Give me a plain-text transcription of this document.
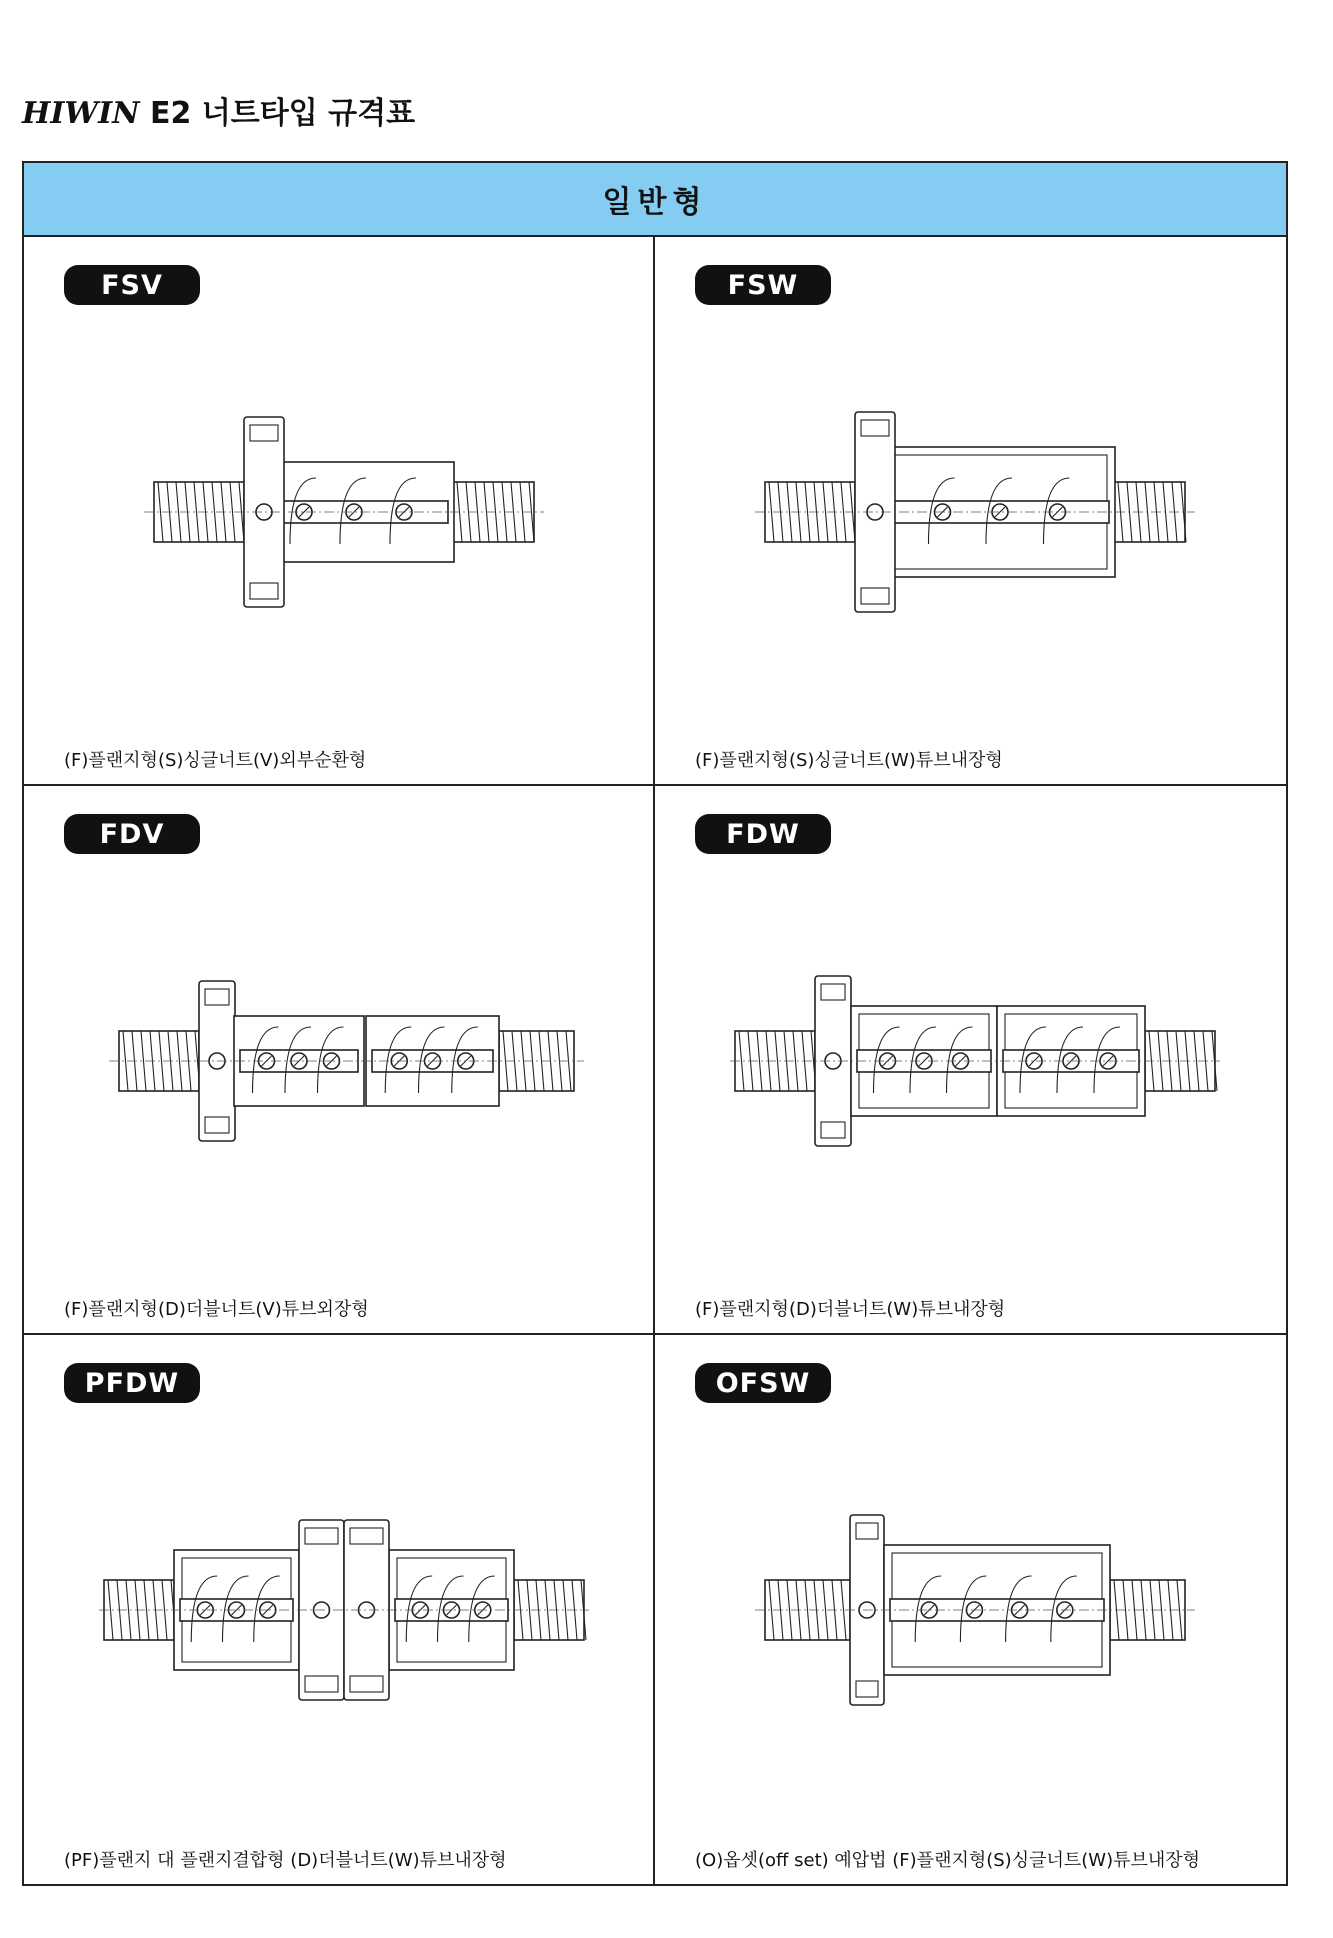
HIWIN E2 너트타입 규격표
일반형
FSV
(F)플랜지형(S)싱글너트(V)외부순환형
FSW
(F)플랜지형(S)싱글너트(W)튜브내장형
FDV
(F)플랜지형(D)더블너트(V)튜브외장형
FDW
(F)플랜지형(D)더블너트(W)튜브내장형
PFDW
(PF)플랜지 대 플랜지결합형 (D)더블너트(W)튜브내장형
OFSW
(O)옵셋(off set) 예압법 (F)플랜지형(S)싱글너트(W)튜브내장형
